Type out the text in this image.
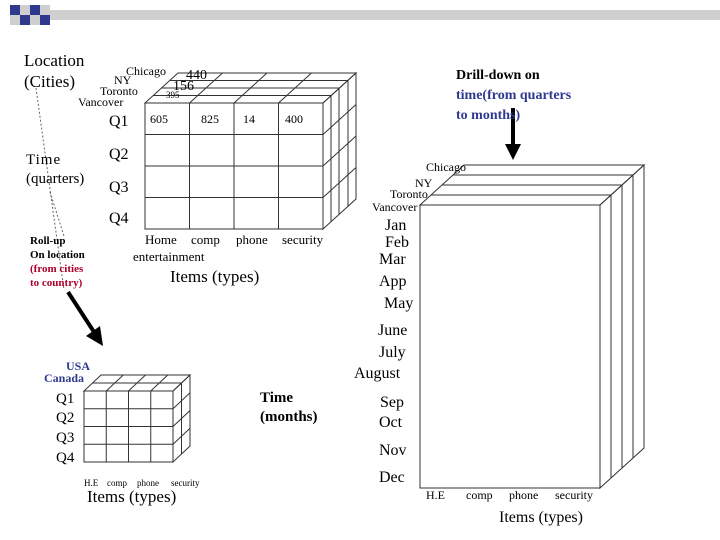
Location
(Cities)
Chicago
NY
Toronto
Vancover
440
156
395
605	825 14	400
Time
(quarters)
Q1
Q2
Q3
Q4
Home comp phone security
entertainment
Items (types)
Roll-up
On location
(from cities
to country)
USA
Canada
Q1
Q2
Q3
Q4
H.E comp phone security
Items (types)
Drill-down on
time(from quarters
to months)
Chicago
NY
Toronto
Vancover
Jan
Feb
Mar
App
May
June
July
August
Sep
Oct
Nov
Dec
Time
(months)
H.E comp phone security
Items (types)
